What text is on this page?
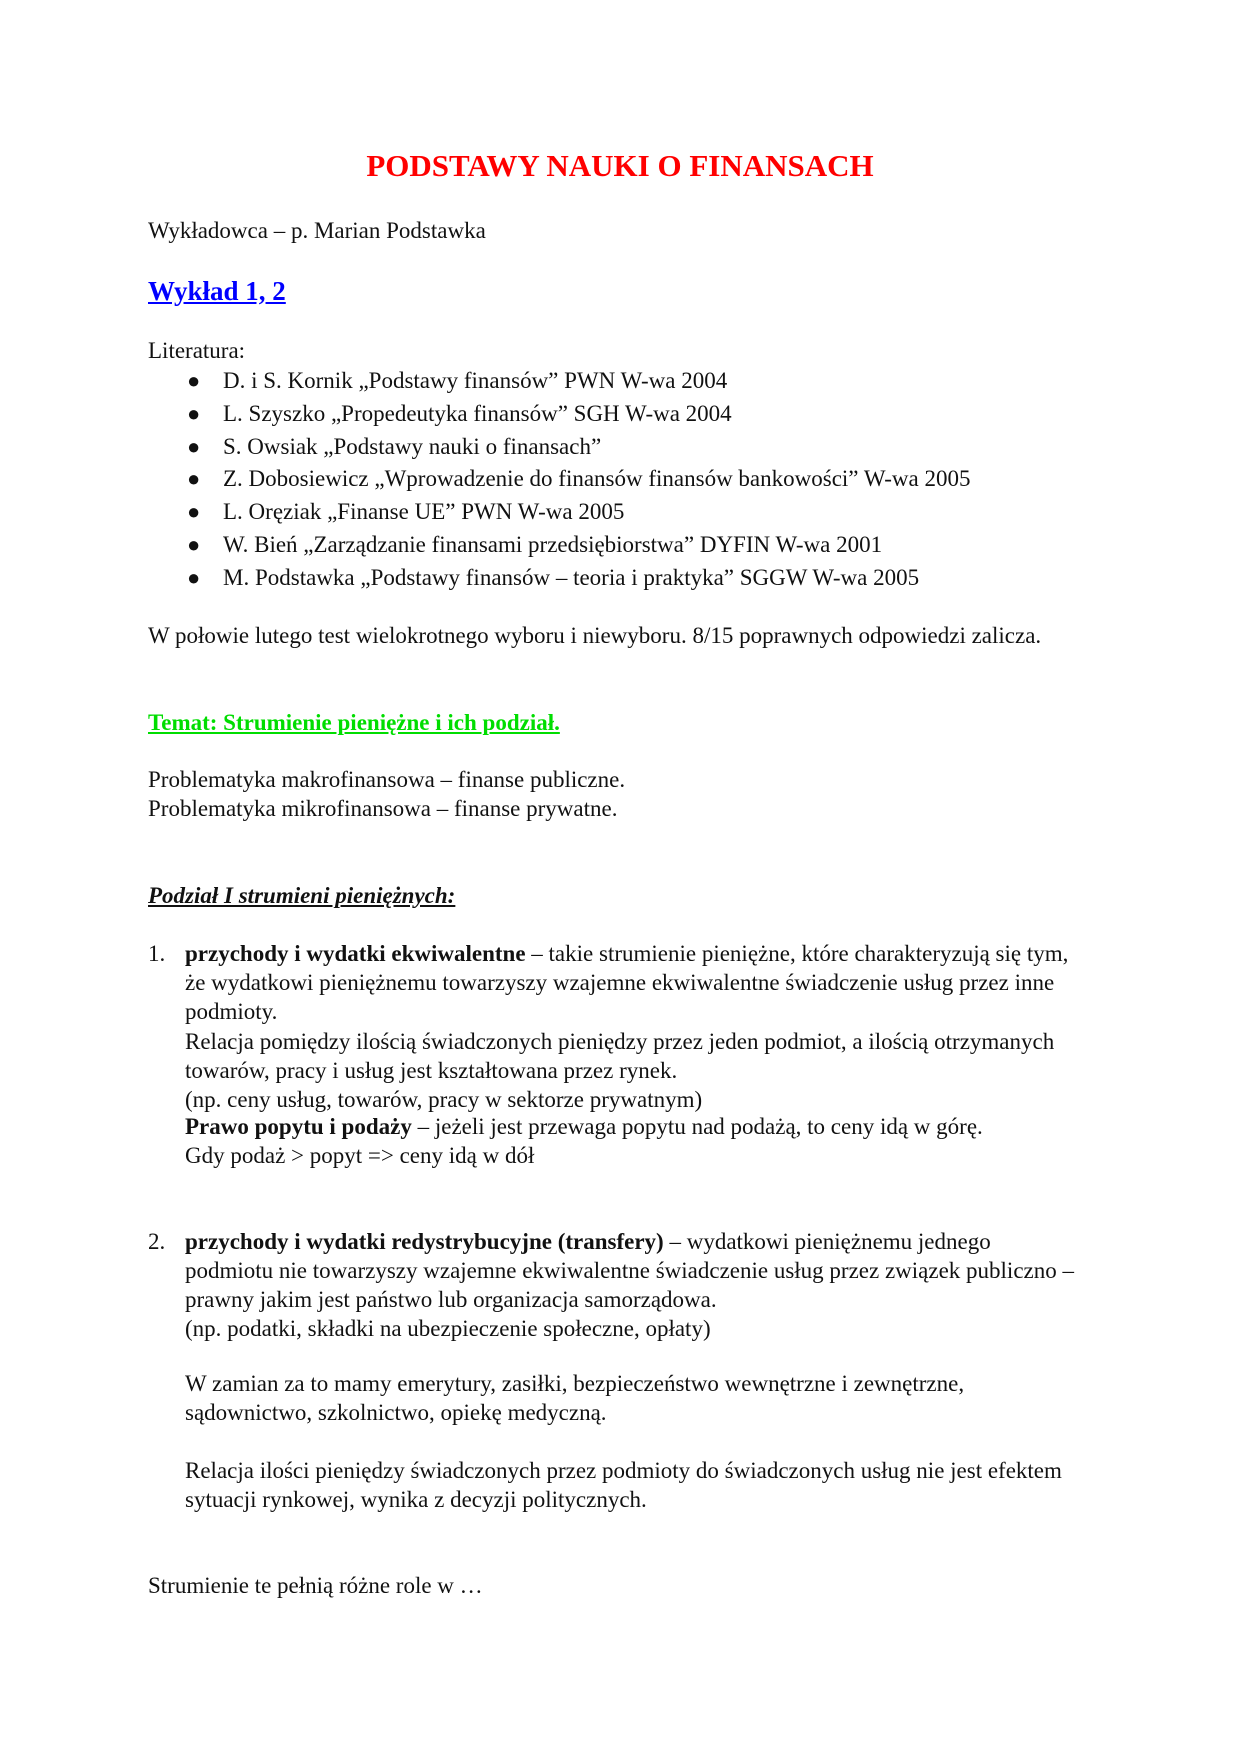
PODSTAWY NAUKI O FINANSACH
Wykładowca – p. Marian Podstawka
Wykład 1, 2
Literatura:
● D. i S. Kornik „Podstawy finansów” PWN W-wa 2004
● L. Szyszko „Propedeutyka finansów” SGH W-wa 2004
● S. Owsiak „Podstawy nauki o finansach”
● Z. Dobosiewicz „Wprowadzenie do finansów finansów bankowości” W-wa 2005
● L. Oręziak „Finanse UE” PWN W-wa 2005
● W. Bień „Zarządzanie finansami przedsiębiorstwa” DYFIN W-wa 2001
● M. Podstawka „Podstawy finansów – teoria i praktyka” SGGW W-wa 2005
W połowie lutego test wielokrotnego wyboru i niewyboru. 8/15 poprawnych odpowiedzi zalicza.
Temat: Strumienie pieniężne i ich podział.
Problematyka makrofinansowa – finanse publiczne.
Problematyka mikrofinansowa – finanse prywatne.
Podział I strumieni pieniężnych:
1. przychody i wydatki ekwiwalentne – takie strumienie pieniężne, które charakteryzują się tym, że wydatkowi pieniężnemu towarzyszy wzajemne ekwiwalentne świadczenie usług przez inne podmioty.
Relacja pomiędzy ilością świadczonych pieniędzy przez jeden podmiot, a ilością otrzymanych towarów, pracy i usług jest kształtowana przez rynek.
(np. ceny usług, towarów, pracy w sektorze prywatnym)
Prawo popytu i podaży – jeżeli jest przewaga popytu nad podażą, to ceny idą w górę.
Gdy podaż > popyt => ceny idą w dół
2. przychody i wydatki redystrybucyjne (transfery) – wydatkowi pieniężnemu jednego podmiotu nie towarzyszy wzajemne ekwiwalentne świadczenie usług przez związek publiczno – prawny jakim jest państwo lub organizacja samorządowa.
(np. podatki, składki na ubezpieczenie społeczne, opłaty)
W zamian za to mamy emerytury, zasiłki, bezpieczeństwo wewnętrzne i zewnętrzne, sądownictwo, szkolnictwo, opiekę medyczną.
Relacja ilości pieniędzy świadczonych przez podmioty do świadczonych usług nie jest efektem sytuacji rynkowej, wynika z decyzji politycznych.
Strumienie te pełnią różne role w …
